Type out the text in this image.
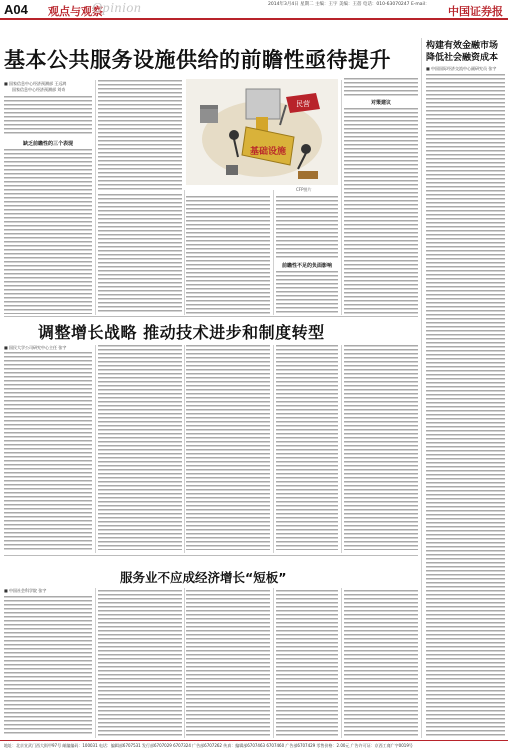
A04 观点与观察
Opinion	2014年3月4日 星期二 主编：王宇 美编：王蓓 电话：010-63070247 E-mail：
中国证券报
基本公共服务设施供给的前瞻性亟待提升
■ 国家信息中心经济预测部 王远鸿
国家信息中心经济预测部 刘奇
缺乏前瞻性的三个表现
基础设施
民营
CFP图片
前瞻性不足的负面影响
对策建议
构建有效金融市场 降低社会融资成本
■ 中国国际经济交流中心副研究员 张宇
调整增长战略 推动技术进步和制度转型
■ 国民大学公司研究中心主任 张宇
服务业不应成经济增长“短板”
■ 中国社会科学院 张宇
地址：北京宣武门西大街甲97号 邮编编码：100031 电话：编辑部6707531 发行部6707029 6707324 广告部6707262 传真：编辑部6707463 6707460 广告部6707429 零售价格：2.00元 广告许可证：京西工商广字0019号
